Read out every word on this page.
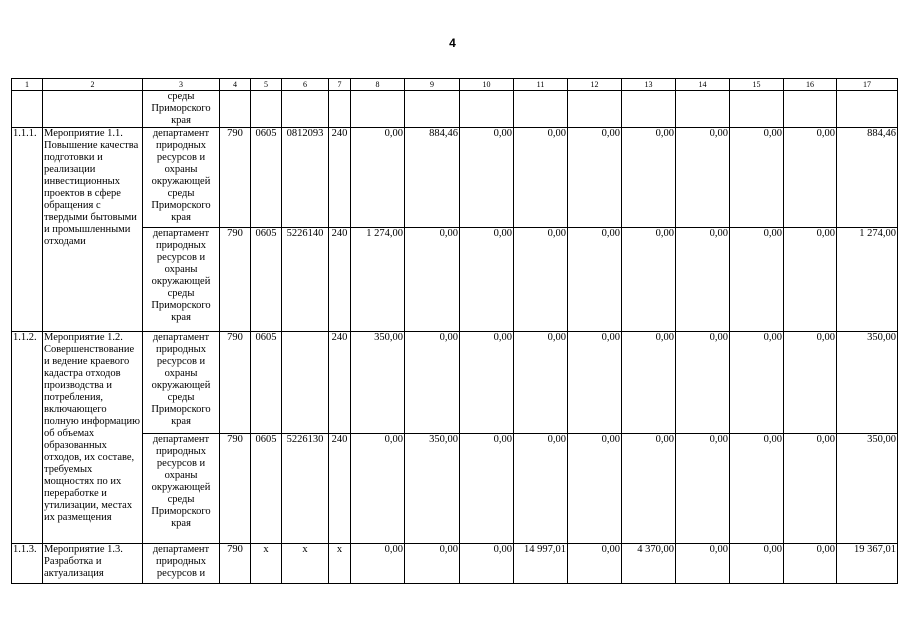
4
1	2	3	4	5	6	7	8	9	10	11	12	13	14	15	16	17
		среды Приморского края														
1.1.1.	Мероприятие 1.1. Повышение качества подготовки и реализации инвестиционных проектов в сфере обращения с твердыми бытовыми и промышленными отходами	департамент природных ресурсов и охраны окружающей среды Приморского края	790	0605	0812093	240	0,00	884,46	0,00	0,00	0,00	0,00	0,00	0,00	0,00	884,46
		департамент природных ресурсов и охраны окружающей среды Приморского края	790	0605	5226140	240	1 274,00	0,00	0,00	0,00	0,00	0,00	0,00	0,00	0,00	1 274,00
1.1.2.	Мероприятие 1.2. Совершенствование и ведение краевого кадастра отходов производства и потребления, включающего полную информацию об объемах образованных отходов, их составе, требуемых мощностях по их переработке и утилизации, местах их размещения	департамент природных ресурсов и охраны окружающей среды Приморского края	790	0605		240	350,00	0,00	0,00	0,00	0,00	0,00	0,00	0,00	0,00	350,00
		департамент природных ресурсов и охраны окружающей среды Приморского края	790	0605	5226130	240	0,00	350,00	0,00	0,00	0,00	0,00	0,00	0,00	0,00	350,00
1.1.3.	Мероприятие 1.3. Разработка и актуализация	департамент природных ресурсов и	790	х	х	х	0,00	0,00	0,00	14 997,01	0,00	4 370,00	0,00	0,00	0,00	19 367,01
